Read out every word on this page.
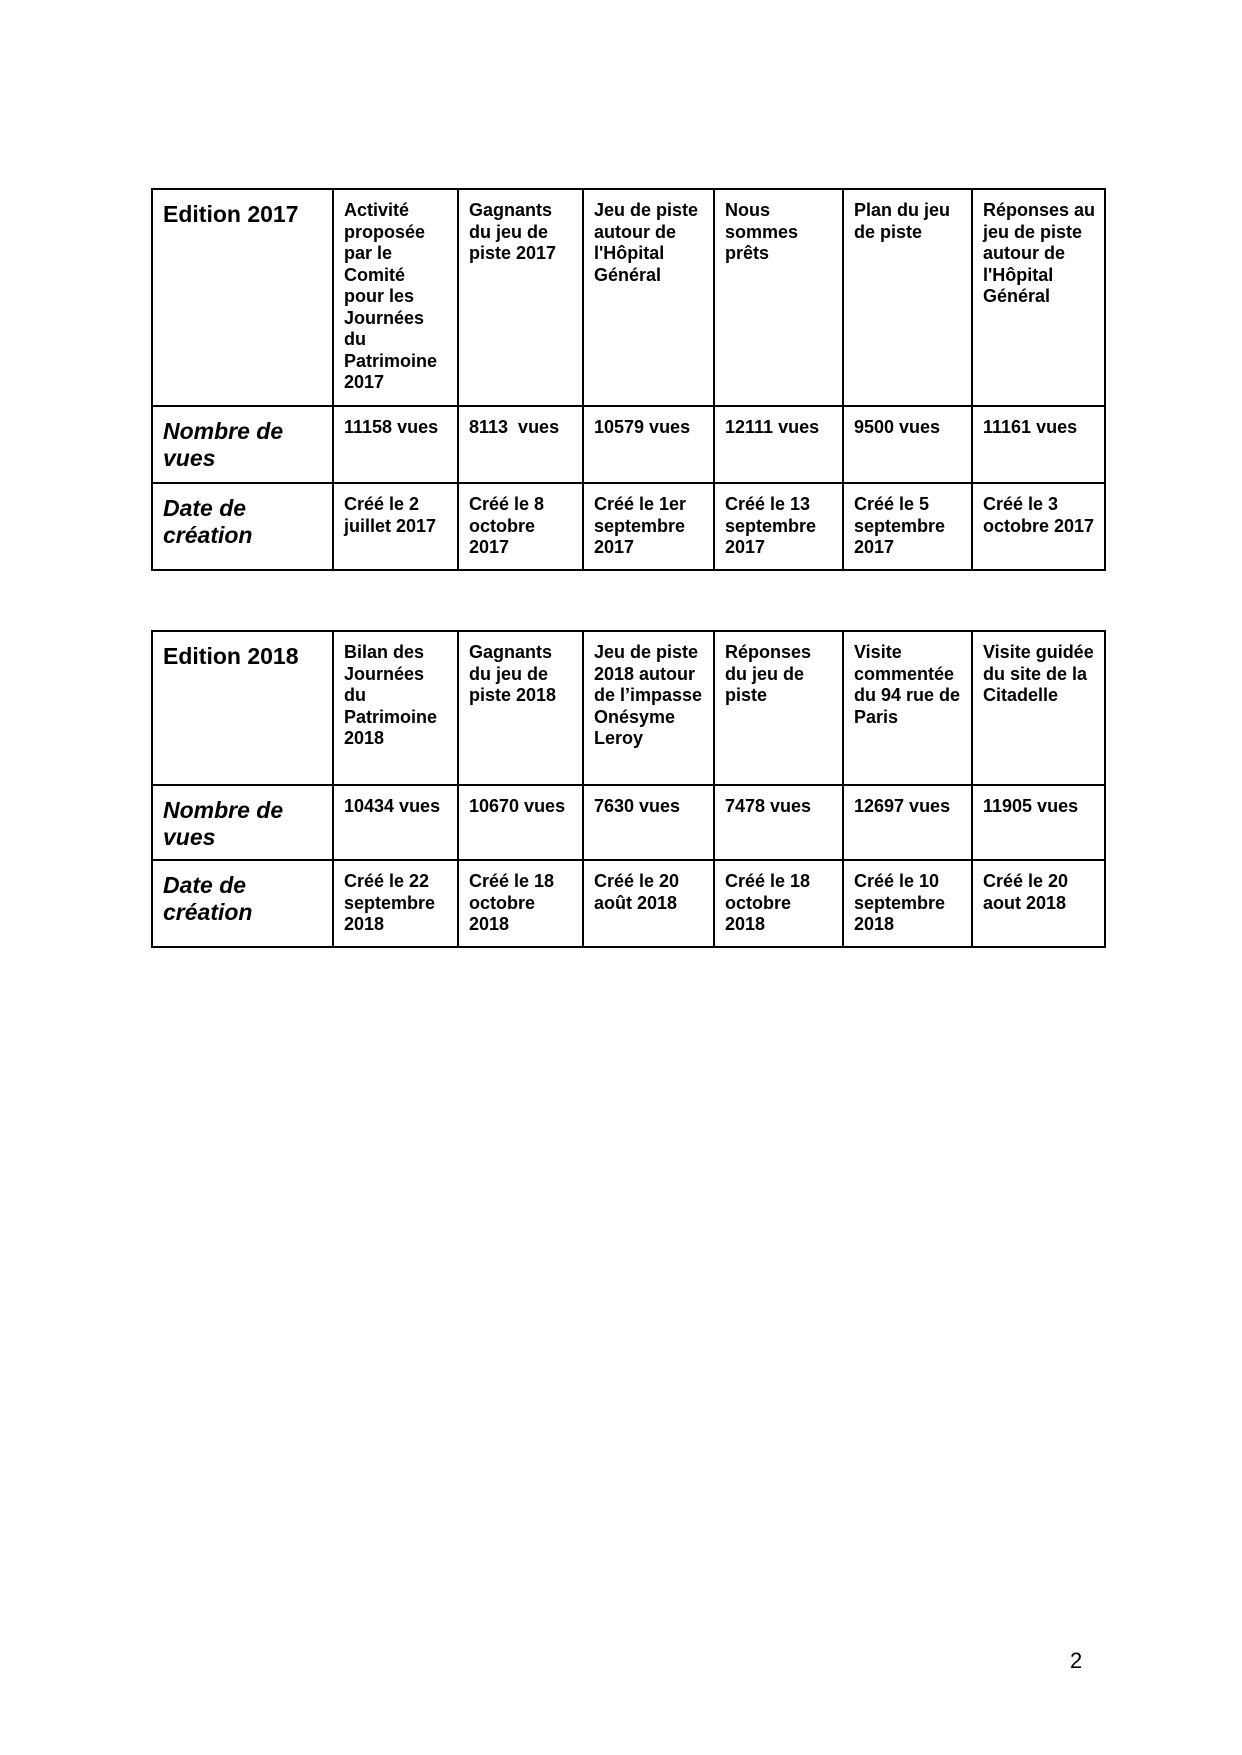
Edition 2017	Activité proposée par le Comité pour les Journées du Patrimoine 2017	Gagnants du jeu de piste 2017	Jeu de piste autour de l'Hôpital Général	Nous sommes prêts	Plan du jeu de piste	Réponses au jeu de piste autour de l'Hôpital Général
Nombre de vues	11158 vues	8113  vues	10579 vues	12111 vues	9500 vues	11161 vues
Date de création	Créé le 2 juillet 2017	Créé le 8 octobre 2017	Créé le 1er septembre 2017	Créé le 13 septembre 2017	Créé le 5 septembre 2017	Créé le 3 octobre 2017
Edition 2018	Bilan des Journées du Patrimoine 2018	Gagnants du jeu de piste 2018	Jeu de piste 2018 autour de l’impasse Onésyme Leroy	Réponses du jeu de piste	Visite commentée du 94 rue de Paris	Visite guidée du site de la Citadelle
Nombre de vues	10434 vues	10670 vues	7630 vues	7478 vues	12697 vues	11905 vues
Date de création	Créé le 22 septembre 2018	Créé le 18 octobre 2018	Créé le 20 août 2018	Créé le 18 octobre 2018	Créé le 10 septembre 2018	Créé le 20 aout 2018
2
